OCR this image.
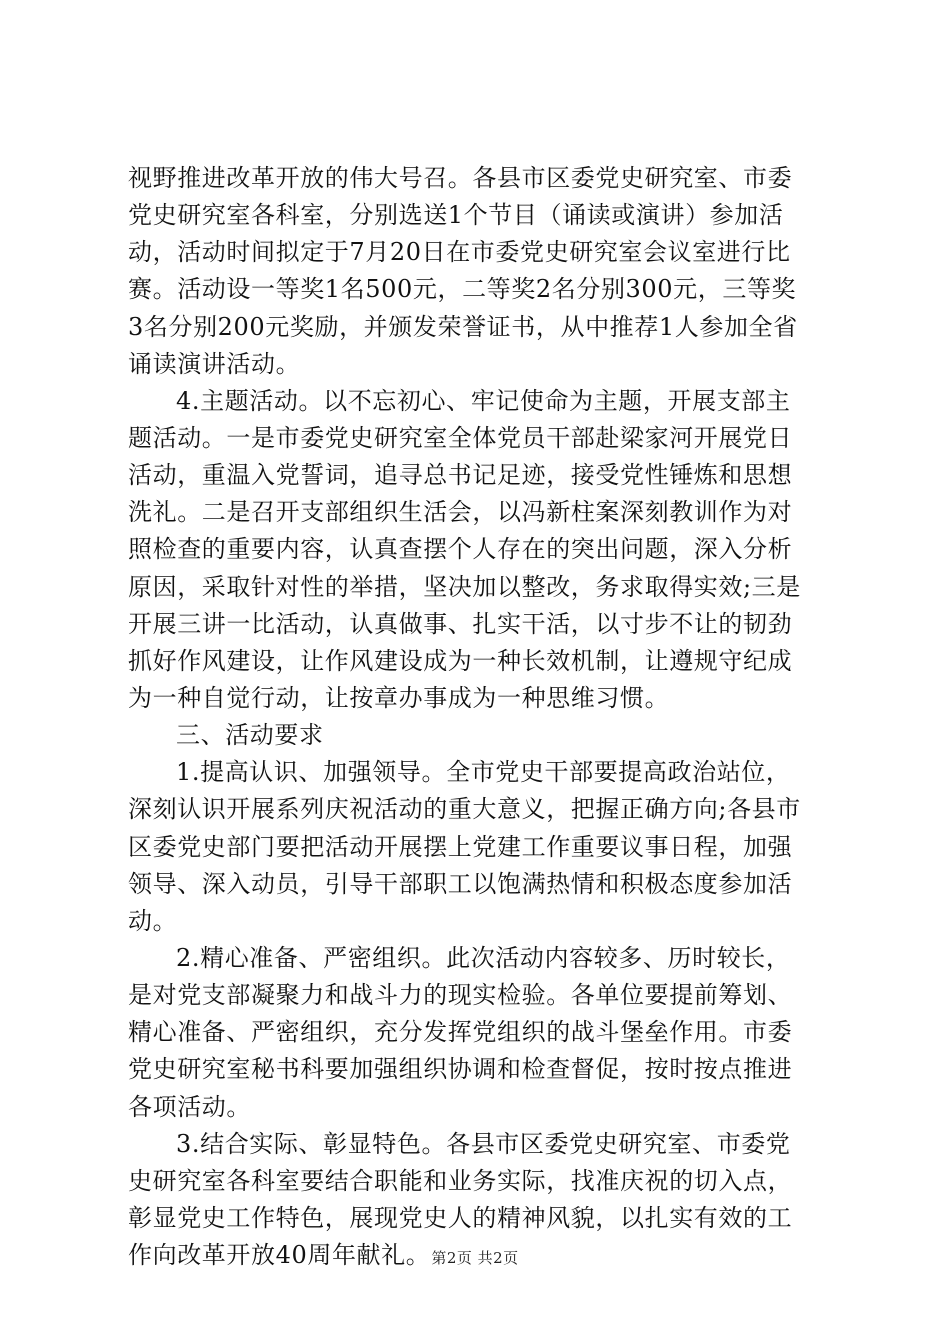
视野推进改革开放的伟大号召。各县市区委党史研究室、市委
党史研究室各科室，分别选送1个节目（诵读或演讲）参加活
动，活动时间拟定于7月20日在市委党史研究室会议室进行比
赛。活动设一等奖1名500元，二等奖2名分别300元，三等奖
3名分别200元奖励，并颁发荣誉证书，从中推荐1人参加全省
诵读演讲活动。
4.主题活动。以不忘初心、牢记使命为主题，开展支部主
题活动。一是市委党史研究室全体党员干部赴梁家河开展党日
活动，重温入党誓词，追寻总书记足迹，接受党性锤炼和思想
洗礼。二是召开支部组织生活会，以冯新柱案深刻教训作为对
照检查的重要内容，认真查摆个人存在的突出问题，深入分析
原因，采取针对性的举措，坚决加以整改，务求取得实效;三是
开展三讲一比活动，认真做事、扎实干活，以寸步不让的韧劲
抓好作风建设，让作风建设成为一种长效机制，让遵规守纪成
为一种自觉行动，让按章办事成为一种思维习惯。
三、活动要求
1.提高认识、加强领导。全市党史干部要提高政治站位，
深刻认识开展系列庆祝活动的重大意义，把握正确方向;各县市
区委党史部门要把活动开展摆上党建工作重要议事日程，加强
领导、深入动员，引导干部职工以饱满热情和积极态度参加活
动。
2.精心准备、严密组织。此次活动内容较多、历时较长，
是对党支部凝聚力和战斗力的现实检验。各单位要提前筹划、
精心准备、严密组织，充分发挥党组织的战斗堡垒作用。市委
党史研究室秘书科要加强组织协调和检查督促，按时按点推进
各项活动。
3.结合实际、彰显特色。各县市区委党史研究室、市委党
史研究室各科室要结合职能和业务实际，找准庆祝的切入点，
彰显党史工作特色，展现党史人的精神风貌，以扎实有效的工
作向改革开放40周年献礼。 第2页 共2页
